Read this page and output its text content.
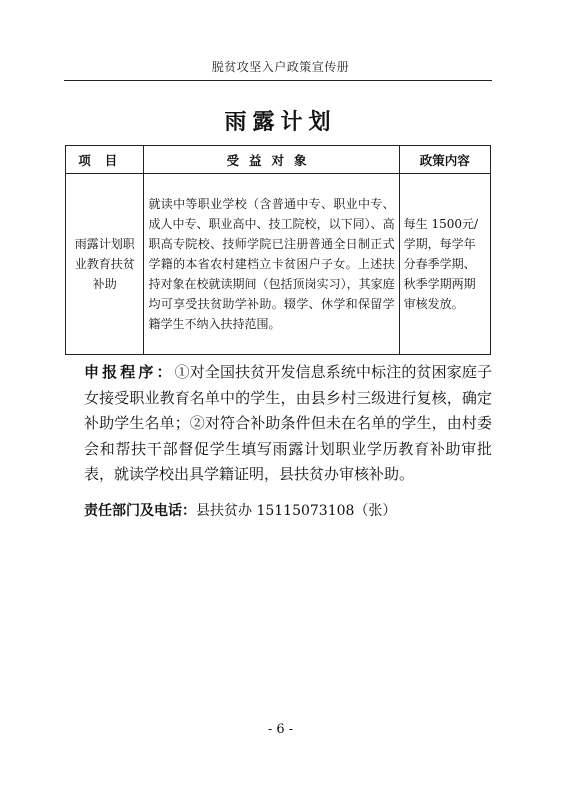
脱贫攻坚入户政策宣传册
雨露计划
项目	受益对象	政策内容
雨露计划职业教育扶贫补助	就读中等职业学校（含普通中专、职业中专、成人中专、职业高中、技工院校，以下同）、高职高专院校、技师学院已注册普通全日制正式学籍的本省农村建档立卡贫困户子女。上述扶持对象在校就读期间（包括顶岗实习），其家庭均可享受扶贫助学补助。辍学、休学和保留学籍学生不纳入扶持范围。	每生 1500元/学期，每学年分春季学期、秋季学期两期审核发放。
申报程序：①对全国扶贫开发信息系统中标注的贫困家庭子女接受职业教育名单中的学生，由县乡村三级进行复核，确定补助学生名单；②对符合补助条件但未在名单的学生，由村委会和帮扶干部督促学生填写雨露计划职业学历教育补助审批表，就读学校出具学籍证明，县扶贫办审核补助。
责任部门及电话：县扶贫办 15115073108（张）
- 6 -
